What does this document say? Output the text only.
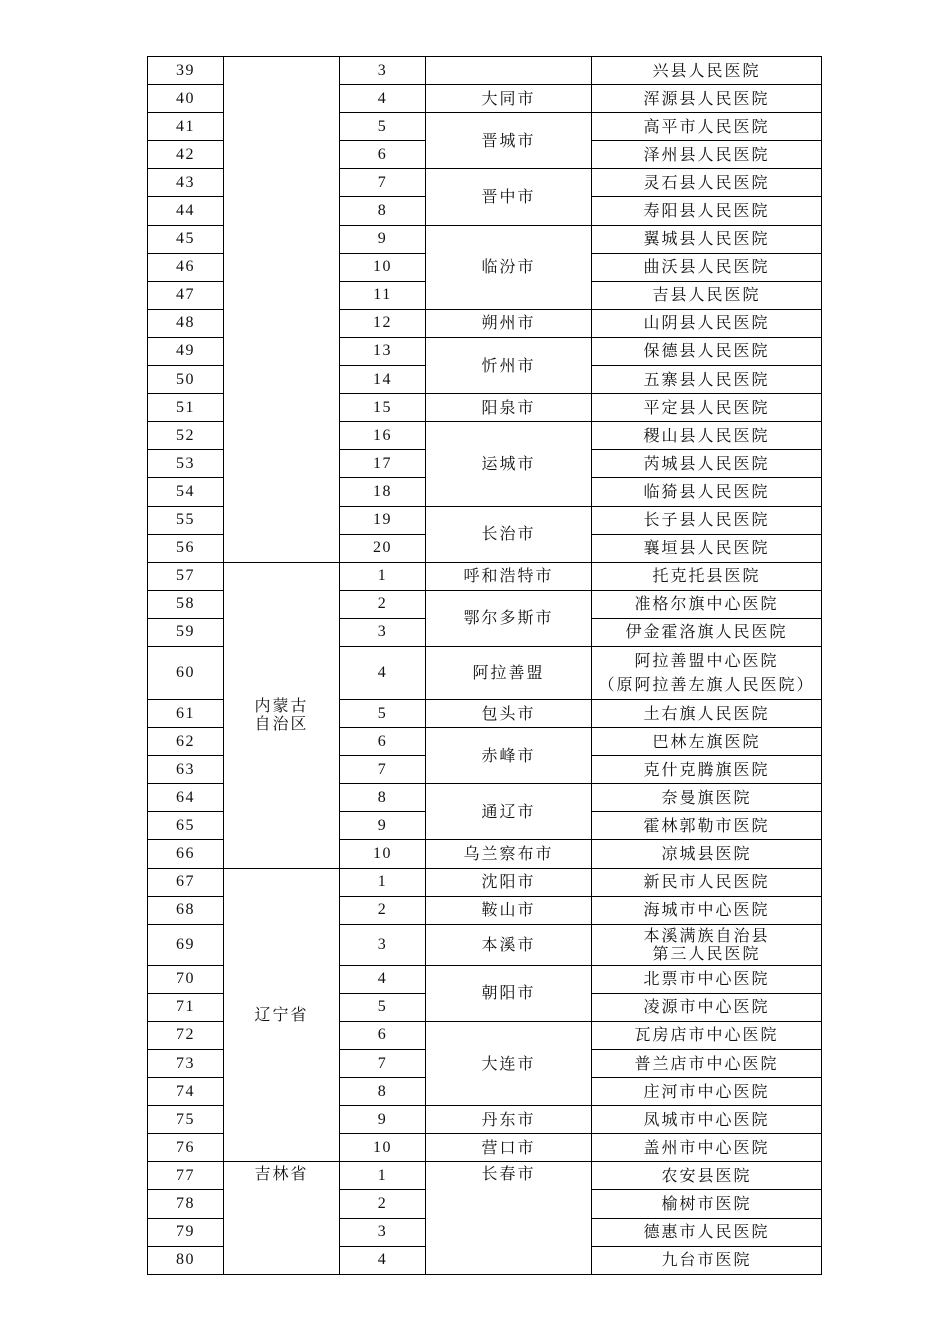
39		3		兴县人民医院

40		4	大同市	浑源县人民医院

41		5	晋城市	高平市人民医院

42		6		泽州县人民医院

43		7	晋中市	灵石县人民医院

44		8		寿阳县人民医院

45		9	临汾市	翼城县人民医院

46		10		曲沃县人民医院

47		11		吉县人民医院

48		12	朔州市	山阴县人民医院

49		13	忻州市	保德县人民医院

50		14		五寨县人民医院

51		15	阳泉市	平定县人民医院

52		16	运城市	稷山县人民医院

53		17		芮城县人民医院

54		18		临猗县人民医院

55		19	长治市	长子县人民医院

56		20		襄垣县人民医院

57	内蒙古
自治区	1	呼和浩特市	托克托县医院

58		2	鄂尔多斯市	准格尔旗中心医院

59		3		伊金霍洛旗人民医院

60		4	阿拉善盟	阿拉善盟中心医院
（原阿拉善左旗人民医院）

61		5	包头市	土右旗人民医院

62		6	赤峰市	巴林左旗医院

63		7		克什克腾旗医院

64		8	通辽市	奈曼旗医院

65		9		霍林郭勒市医院

66		10	乌兰察布市	凉城县医院

67	辽宁省	1	沈阳市	新民市人民医院

68		2	鞍山市	海城市中心医院

69		3	本溪市	本溪满族自治县
第三人民医院

70		4	朝阳市	北票市中心医院

71		5		凌源市中心医院

72		6	大连市	瓦房店市中心医院

73		7		普兰店市中心医院

74		8		庄河市中心医院

75		9	丹东市	凤城市中心医院

76		10	营口市	盖州市中心医院

77	吉林省	1	长春市	农安县医院

78		2		榆树市医院

79		3		德惠市人民医院

80		4		九台市医院
